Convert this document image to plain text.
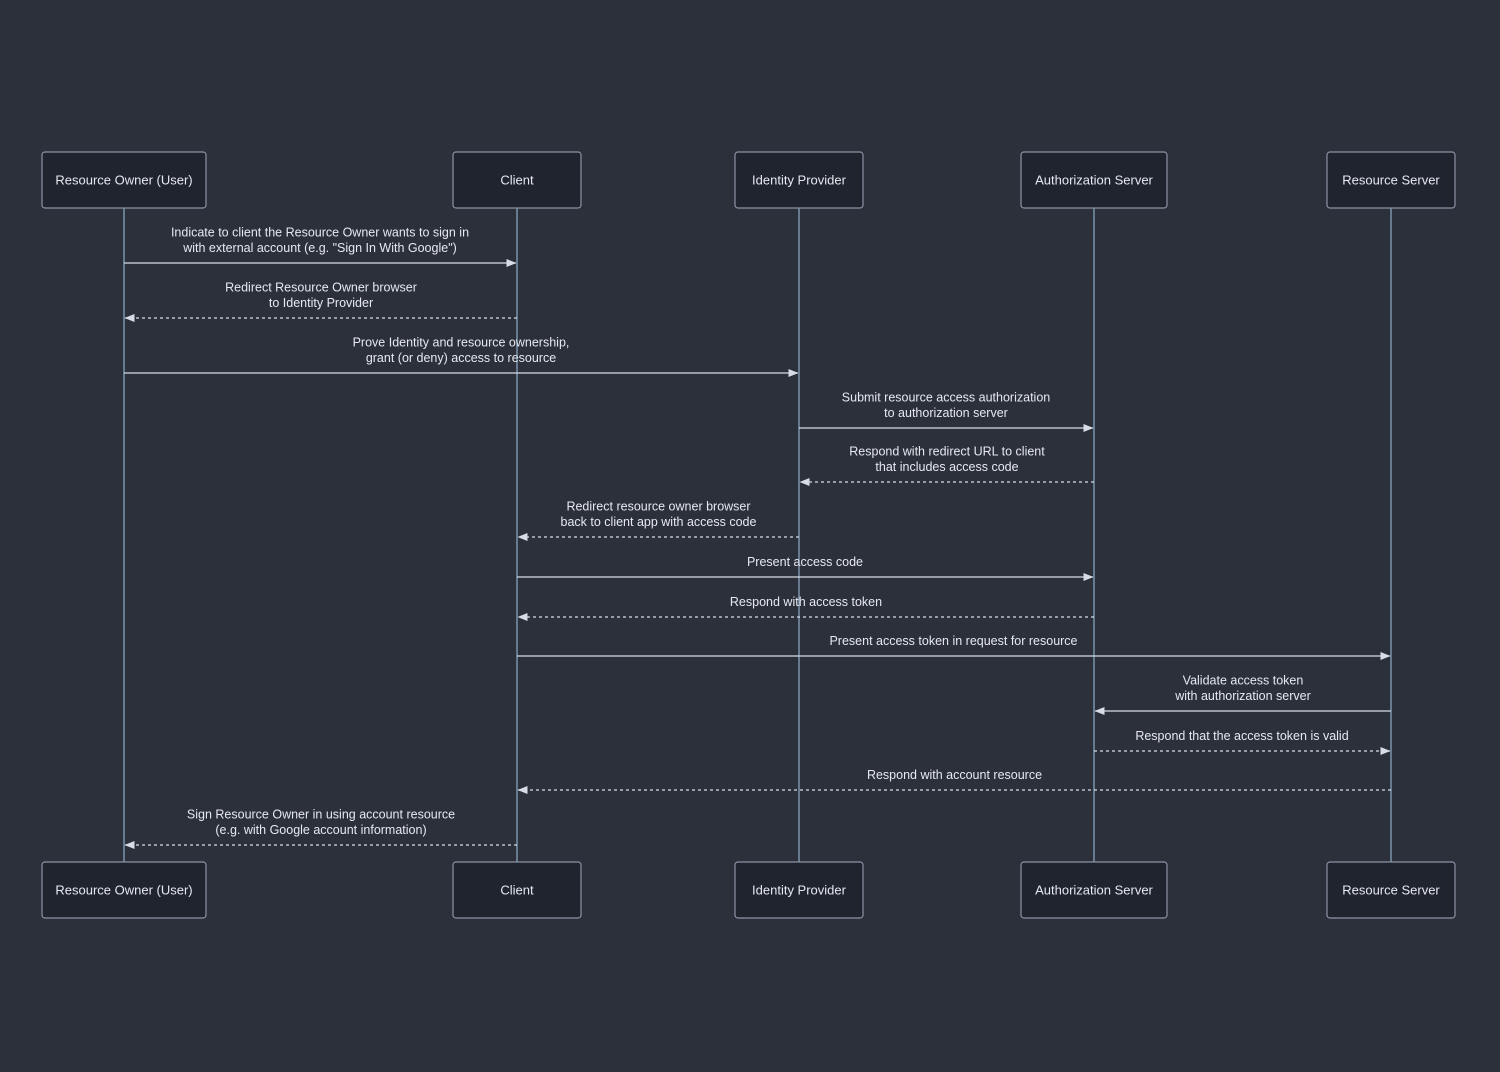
Indicate to client the Resource Owner wants to sign in
with external account (e.g. "Sign In With Google")
Redirect Resource Owner browser
to Identity Provider
Prove Identity and resource ownership,
grant (or deny) access to resource
Submit resource access authorization
to authorization server
Respond with redirect URL to client
that includes access code
Redirect resource owner browser
back to client app with access code
Present access code
Respond with access token
Present access token in request for resource
Validate access token
with authorization server
Respond that the access token is valid
Respond with account resource
Sign Resource Owner in using account resource
(e.g. with Google account information)
Resource Owner (User)	Client	Identity Provider	Authorization Server	Resource Server
Resource Owner (User)	Client	Identity Provider	Authorization Server	Resource Server
